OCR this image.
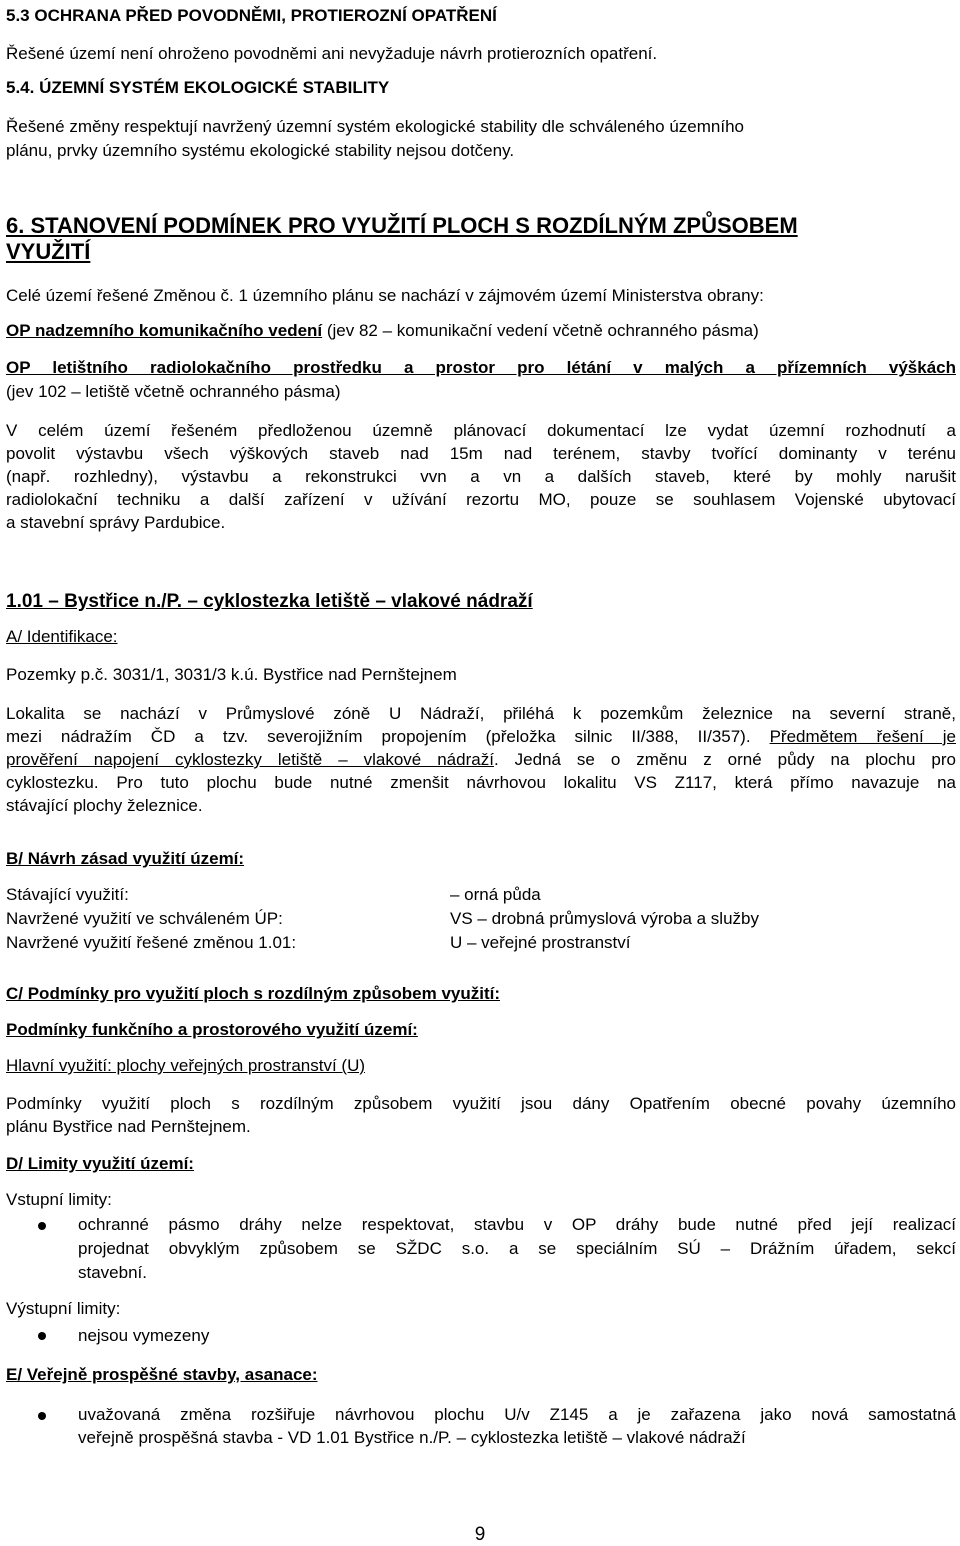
5.3 OCHRANA PŘED POVODNĚMI, PROTIEROZNÍ OPATŘENÍ
Řešené území není ohroženo povodněmi ani nevyžaduje návrh protierozních opatření.
5.4. ÚZEMNÍ SYSTÉM EKOLOGICKÉ STABILITY
Řešené změny respektují navržený územní systém ekologické stability dle schváleného územního
plánu, prvky územního systému ekologické stability nejsou dotčeny.
6. STANOVENÍ PODMÍNEK PRO VYUŽITÍ PLOCH S ROZDÍLNÝM ZPŮSOBEM
VYUŽITÍ
Celé území řešené Změnou č. 1 územního plánu se nachází v zájmovém území Ministerstva obrany:
OP nadzemního komunikačního vedení (jev 82 – komunikační vedení včetně ochranného pásma)
OP letištního radiolokačního prostředku a prostor pro létání v malých a přízemních výškách
(jev 102 – letiště včetně ochranného pásma)
V celém území řešeném předloženou územně plánovací dokumentací lze vydat územní rozhodnutí a
povolit výstavbu všech výškových staveb nad 15m nad terénem, stavby tvořící dominanty v terénu
(např. rozhledny), výstavbu a rekonstrukci vvn a vn a dalších staveb, které by mohly narušit
radiolokační techniku a další zařízení v užívání rezortu MO, pouze se souhlasem Vojenské ubytovací
a stavební správy Pardubice.
1.01 – Bystřice n./P. – cyklostezka letiště – vlakové nádraží
A/ Identifikace:
Pozemky p.č. 3031/1, 3031/3 k.ú. Bystřice nad Pernštejnem
Lokalita se nachází v Průmyslové zóně U Nádraží, přiléhá k pozemkům železnice na severní straně,
mezi nádražím ČD a tzv. severojižním propojením (přeložka silnic II/388, II/357). Předmětem řešení je
prověření napojení cyklostezky letiště – vlakové nádraží. Jedná se o změnu z orné půdy na plochu pro
cyklostezku. Pro tuto plochu bude nutné zmenšit návrhovou lokalitu VS Z117, která přímo navazuje na
stávající plochy železnice.
B/ Návrh zásad využití území:
Stávající využití:	– orná půda
Navržené využití ve schváleném ÚP:	VS – drobná průmyslová výroba a služby
Navržené využití řešené změnou 1.01:	U – veřejné prostranství
C/ Podmínky pro využití ploch s rozdílným způsobem využití:
Podmínky funkčního a prostorového využití území:
Hlavní využití: plochy veřejných prostranství (U)
Podmínky využití ploch s rozdílným způsobem využití jsou dány Opatřením obecné povahy územního
plánu Bystřice nad Pernštejnem.
D/ Limity využití území:
Vstupní limity:
ochranné pásmo dráhy nelze respektovat, stavbu v OP dráhy bude nutné před její realizací
projednat obvyklým způsobem se SŽDC s.o. a se speciálním SÚ – Drážním úřadem, sekcí
stavební.
Výstupní limity:
nejsou vymezeny
E/ Veřejně prospěšné stavby, asanace:
uvažovaná změna rozšiřuje návrhovou plochu U/v Z145 a je zařazena jako nová samostatná
veřejně prospěšná stavba - VD 1.01 Bystřice n./P. – cyklostezka letiště – vlakové nádraží
9
